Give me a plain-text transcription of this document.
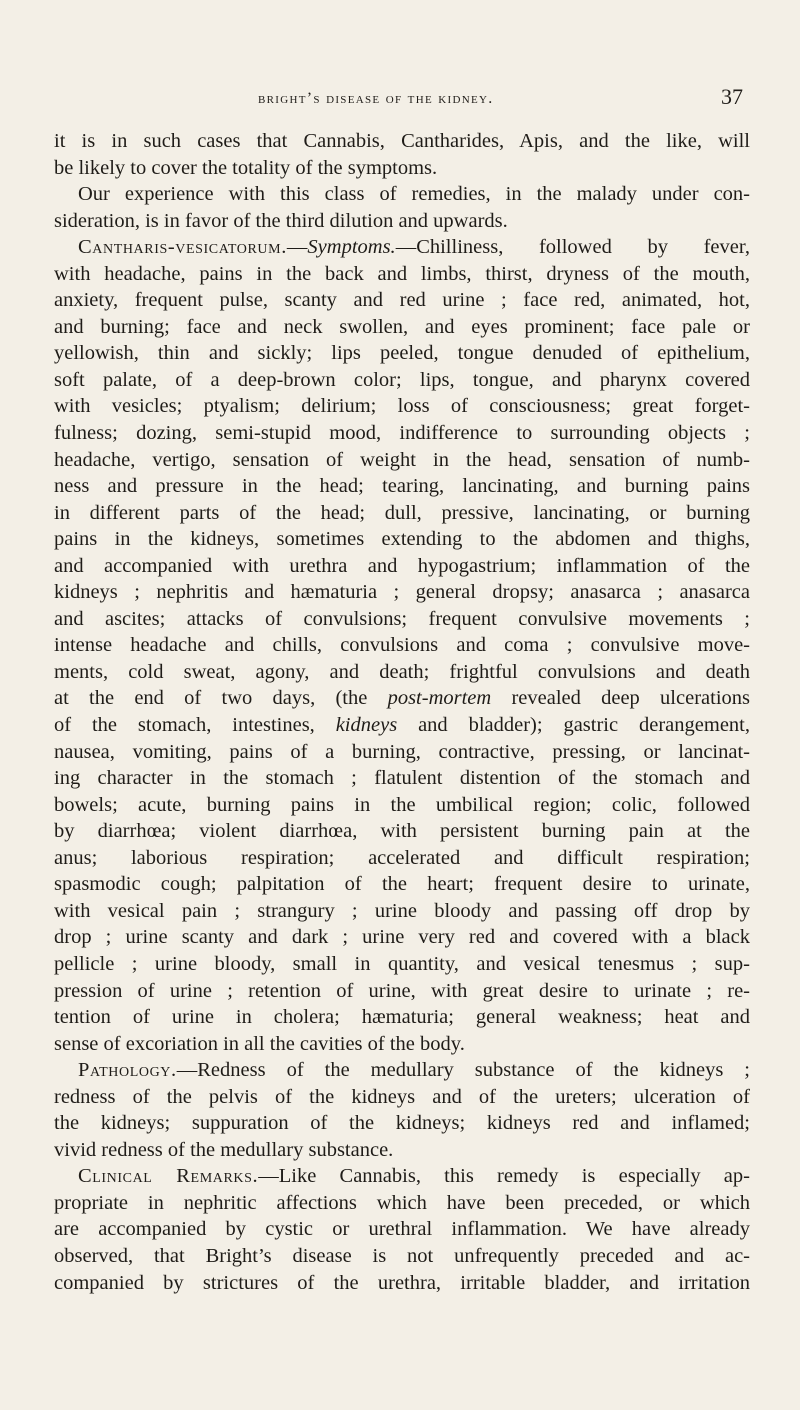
bright’s disease of the kidney.	37
it is in such cases that Cannabis, Cantharides, Apis, and the like, will
be likely to cover the totality of the symptoms.
Our experience with this class of remedies, in the malady under con-
sideration, is in favor of the third dilution and upwards.
Cantharis-vesicatorum.—Symptoms.—Chilliness, followed by fever,
with headache, pains in the back and limbs, thirst, dryness of the mouth,
anxiety, frequent pulse, scanty and red urine ; face red, animated, hot,
and burning; face and neck swollen, and eyes prominent; face pale or
yellowish, thin and sickly; lips peeled, tongue denuded of epithelium,
soft palate, of a deep-brown color; lips, tongue, and pharynx covered
with vesicles; ptyalism; delirium; loss of consciousness; great forget-
fulness; dozing, semi-stupid mood, indifference to surrounding objects ;
headache, vertigo, sensation of weight in the head, sensation of numb-
ness and pressure in the head; tearing, lancinating, and burning pains
in different parts of the head; dull, pressive, lancinating, or burning
pains in the kidneys, sometimes extending to the abdomen and thighs,
and accompanied with urethra and hypogastrium; inflammation of the
kidneys ; nephritis and hæmaturia ; general dropsy; anasarca ; anasarca
and ascites; attacks of convulsions; frequent convulsive movements ;
intense headache and chills, convulsions and coma ; convulsive move-
ments, cold sweat, agony, and death; frightful convulsions and death
at the end of two days, (the post-mortem revealed deep ulcerations
of the stomach, intestines, kidneys and bladder); gastric derangement,
nausea, vomiting, pains of a burning, contractive, pressing, or lancinat-
ing character in the stomach ; flatulent distention of the stomach and
bowels; acute, burning pains in the umbilical region; colic, followed
by diarrhœa; violent diarrhœa, with persistent burning pain at the
anus; laborious respiration; accelerated and difficult respiration;
spasmodic cough; palpitation of the heart; frequent desire to urinate,
with vesical pain ; strangury ; urine bloody and passing off drop by
drop ; urine scanty and dark ; urine very red and covered with a black
pellicle ; urine bloody, small in quantity, and vesical tenesmus ; sup-
pression of urine ; retention of urine, with great desire to urinate ; re-
tention of urine in cholera; hæmaturia; general weakness; heat and
sense of excoriation in all the cavities of the body.
Pathology.—Redness of the medullary substance of the kidneys ;
redness of the pelvis of the kidneys and of the ureters; ulceration of
the kidneys; suppuration of the kidneys; kidneys red and inflamed;
vivid redness of the medullary substance.
Clinical Remarks.—Like Cannabis, this remedy is especially ap-
propriate in nephritic affections which have been preceded, or which
are accompanied by cystic or urethral inflammation. We have already
observed, that Bright’s disease is not unfrequently preceded and ac-
companied by strictures of the urethra, irritable bladder, and irritation
